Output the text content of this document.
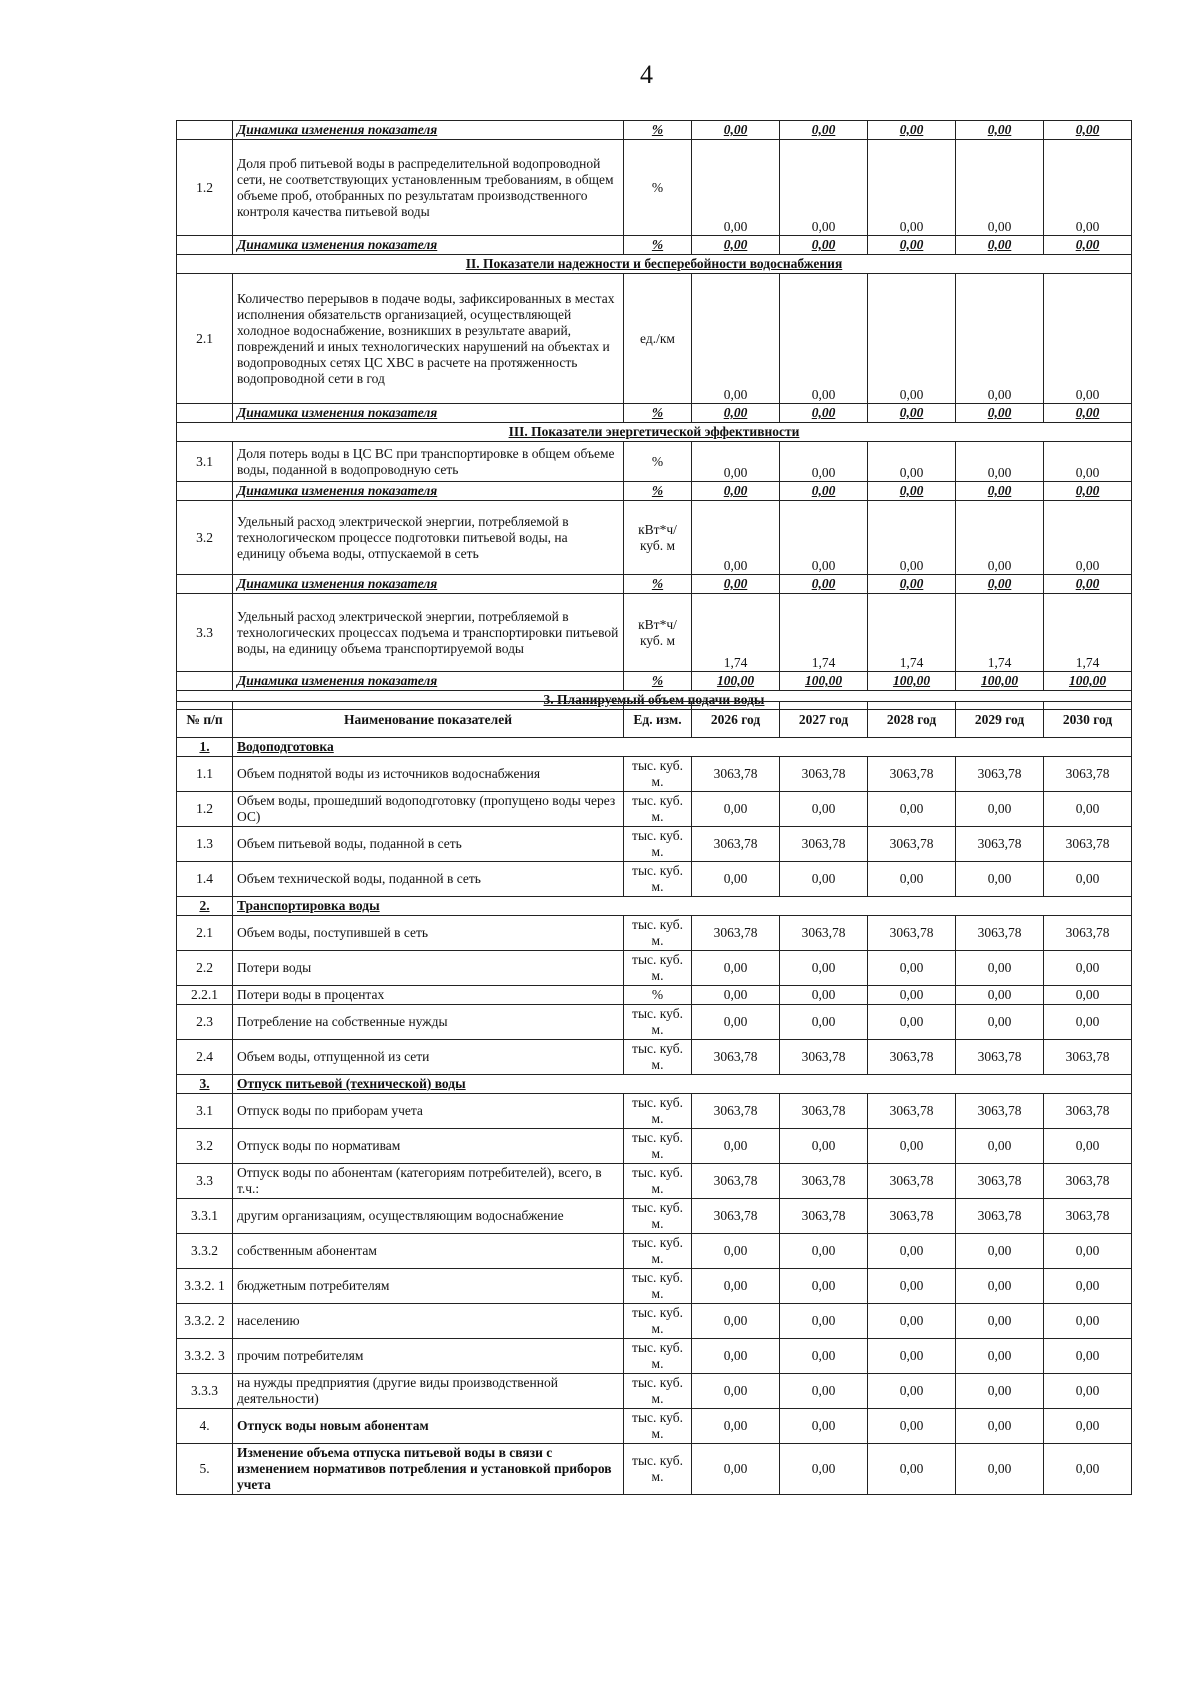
4
	Динамика изменения показателя	%	0,00	0,00	0,00	0,00	0,00
1.2	Доля проб питьевой воды в распределительной водопроводной сети, не соответствующих установленным требованиям, в общем объеме проб, отобранных по результатам производственного контроля качества питьевой воды	%	0,00	0,00	0,00	0,00	0,00
	Динамика изменения показателя	%	0,00	0,00	0,00	0,00	0,00
II. Показатели надежности и бесперебойности водоснабжения							
2.1	Количество перерывов в подаче воды, зафиксированных в местах исполнения обязательств организацией, осуществляющей холодное водоснабжение, возникших в результате аварий, повреждений и иных технологических нарушений на объектах и водопроводных сетях ЦС ХВС в расчете на протяженность водопроводной сети в год	ед./км	0,00	0,00	0,00	0,00	0,00
	Динамика изменения показателя	%	0,00	0,00	0,00	0,00	0,00
III. Показатели энергетической эффективности							
3.1	Доля потерь воды в ЦС ВС при транспортировке в общем объеме воды, поданной в водопроводную сеть	%	0,00	0,00	0,00	0,00	0,00
	Динамика изменения показателя	%	0,00	0,00	0,00	0,00	0,00
3.2	Удельный расход электрической энергии, потребляемой в технологическом процессе подготовки питьевой воды, на единицу объема воды, отпускаемой в сеть	кВт*ч/ куб. м	0,00	0,00	0,00	0,00	0,00
	Динамика изменения показателя	%	0,00	0,00	0,00	0,00	0,00
3.3	Удельный расход электрической энергии, потребляемой в технологических процессах подъема и транспортировки питьевой воды, на единицу объема транспортируемой воды	кВт*ч/ куб. м	1,74	1,74	1,74	1,74	1,74
	Динамика изменения показателя	%	100,00	100,00	100,00	100,00	100,00
3. Планируемый объем подачи воды							
№ п/п	Наименование показателей	Ед. изм.	2026 год	2027 год	2028 год	2029 год	2030 год
1.	Водоподготовка						
1.1	Объем поднятой воды из источников водоснабжения	тыс. куб. м.	3063,78	3063,78	3063,78	3063,78	3063,78
1.2	Объем воды, прошедший водоподготовку (пропущено воды через ОС)	тыс. куб. м.	0,00	0,00	0,00	0,00	0,00
1.3	Объем питьевой воды, поданной в сеть	тыс. куб. м.	3063,78	3063,78	3063,78	3063,78	3063,78
1.4	Объем технической воды, поданной в сеть	тыс. куб. м.	0,00	0,00	0,00	0,00	0,00
2.	Транспортировка воды						
2.1	Объем воды, поступившей в сеть	тыс. куб. м.	3063,78	3063,78	3063,78	3063,78	3063,78
2.2	Потери воды	тыс. куб. м.	0,00	0,00	0,00	0,00	0,00
2.2.1	Потери воды в процентах	%	0,00	0,00	0,00	0,00	0,00
2.3	Потребление на собственные нужды	тыс. куб. м.	0,00	0,00	0,00	0,00	0,00
2.4	Объем воды, отпущенной из сети	тыс. куб. м.	3063,78	3063,78	3063,78	3063,78	3063,78
3.	Отпуск питьевой (технической) воды						
3.1	Отпуск воды по приборам учета	тыс. куб. м.	3063,78	3063,78	3063,78	3063,78	3063,78
3.2	Отпуск воды по нормативам	тыс. куб. м.	0,00	0,00	0,00	0,00	0,00
3.3	Отпуск воды по абонентам (категориям потребителей), всего, в т.ч.:	тыс. куб. м.	3063,78	3063,78	3063,78	3063,78	3063,78
3.3.1	другим организациям, осуществляющим водоснабжение	тыс. куб. м.	3063,78	3063,78	3063,78	3063,78	3063,78
3.3.2	собственным абонентам	тыс. куб. м.	0,00	0,00	0,00	0,00	0,00
3.3.2. 1	бюджетным потребителям	тыс. куб. м.	0,00	0,00	0,00	0,00	0,00
3.3.2. 2	населению	тыс. куб. м.	0,00	0,00	0,00	0,00	0,00
3.3.2. 3	прочим потребителям	тыс. куб. м.	0,00	0,00	0,00	0,00	0,00
3.3.3	на нужды предприятия (другие виды производственной деятельности)	тыс. куб. м.	0,00	0,00	0,00	0,00	0,00
4.	Отпуск воды новым абонентам	тыс. куб. м.	0,00	0,00	0,00	0,00	0,00
5.	Изменение объема отпуска питьевой воды в связи с изменением нормативов потребления и установкой приборов учета	тыс. куб. м.	0,00	0,00	0,00	0,00	0,00
